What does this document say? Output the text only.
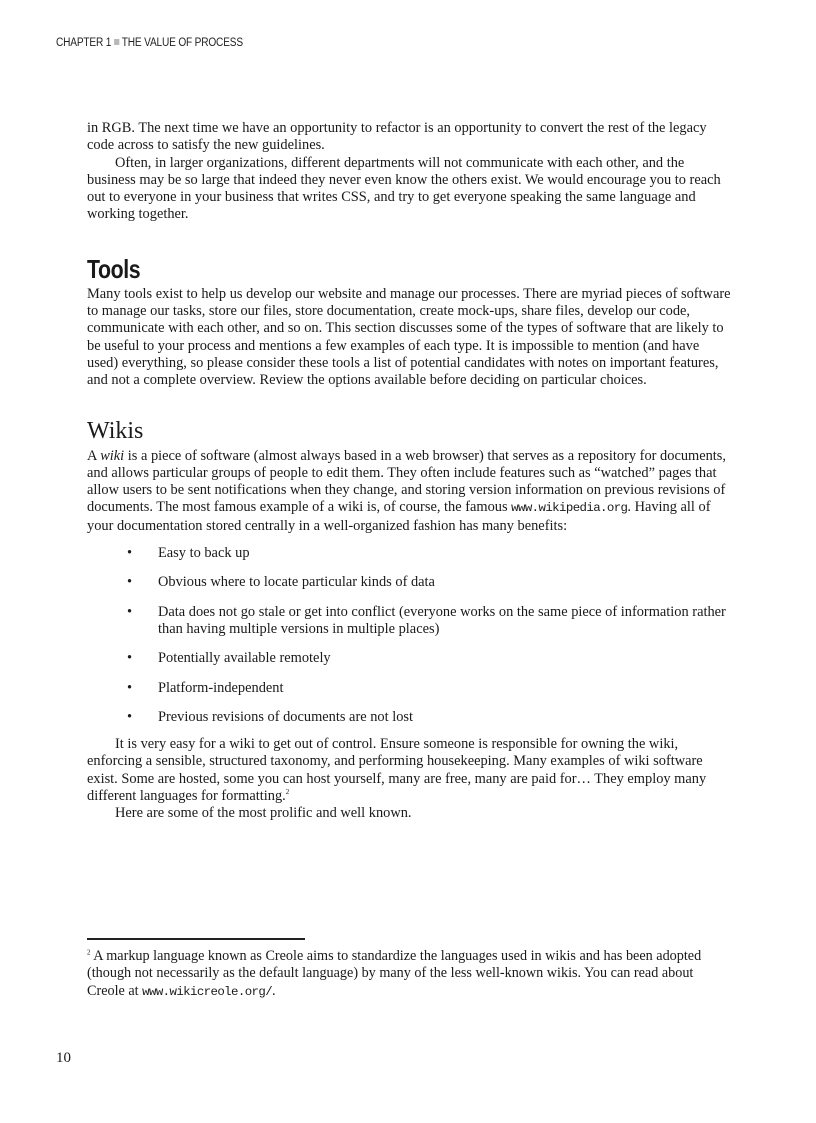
CHAPTER 1 THE VALUE OF PROCESS

in RGB. The next time we have an opportunity to refactor is an opportunity to convert the rest of the legacy code across to satisfy the new guidelines.

Often, in larger organizations, different departments will not communicate with each other, and the business may be so large that indeed they never even know the others exist. We would encourage you to reach out to everyone in your business that writes CSS, and try to get everyone speaking the same language and working together.

Tools

Many tools exist to help us develop our website and manage our processes. There are myriad pieces of software to manage our tasks, store our files, store documentation, create mock-ups, share files, develop our code, communicate with each other, and so on. This section discusses some of the types of software that are likely to be useful to your process and mentions a few examples of each type. It is impossible to mention (and have used) everything, so please consider these tools a list of potential candidates with notes on important features, and not a complete overview. Review the options available before deciding on particular choices.

Wikis

A wiki is a piece of software (almost always based in a web browser) that serves as a repository for documents, and allows particular groups of people to edit them. They often include features such as “watched” pages that allow users to be sent notifications when they change, and storing version information on previous revisions of documents. The most famous example of a wiki is, of course, the famous www.wikipedia.org. Having all of your documentation stored centrally in a well-organized fashion has many benefits:

• Easy to back up
• Obvious where to locate particular kinds of data
• Data does not go stale or get into conflict (everyone works on the same piece of information rather than having multiple versions in multiple places)
• Potentially available remotely
• Platform-independent
• Previous revisions of documents are not lost

It is very easy for a wiki to get out of control. Ensure someone is responsible for owning the wiki, enforcing a sensible, structured taxonomy, and performing housekeeping. Many examples of wiki software exist. Some are hosted, some you can host yourself, many are free, many are paid for… They employ many different languages for formatting.$^2$

Here are some of the most prolific and well known.

$^2$ A markup language known as Creole aims to standardize the languages used in wikis and has been adopted (though not necessarily as the default language) by many of the less well-known wikis. You can read about Creole at www.wikicreole.org/.
10
